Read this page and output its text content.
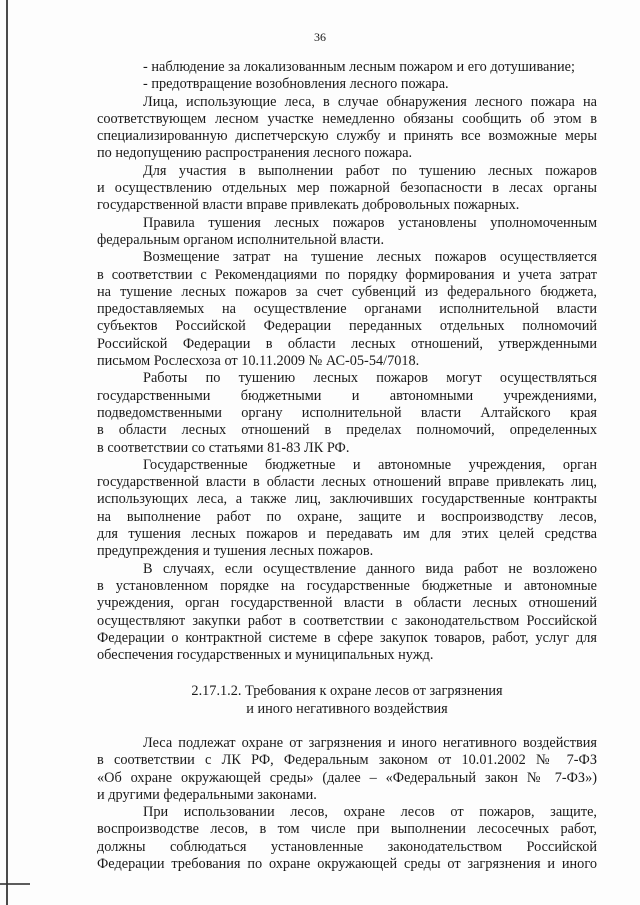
36
- наблюдение за локализованным лесным пожаром и его дотушивание;
- предотвращение возобновления лесного пожара.
Лица, использующие леса, в случае обнаружения лесного пожара на
соответствующем лесном участке немедленно обязаны сообщить об этом в
специализированную диспетчерскую службу и принять все возможные меры
по недопущению распространения лесного пожара.
Для участия в выполнении работ по тушению лесных пожаров
и осуществлению отдельных мер пожарной безопасности в лесах органы
государственной власти вправе привлекать добровольных пожарных.
Правила тушения лесных пожаров установлены уполномоченным
федеральным органом исполнительной власти.
Возмещение затрат на тушение лесных пожаров осуществляется
в соответствии с Рекомендациями по порядку формирования и учета затрат
на тушение лесных пожаров за счет субвенций из федерального бюджета,
предоставляемых на осуществление органами исполнительной власти
субъектов Российской Федерации переданных отдельных полномочий
Российской Федерации в области лесных отношений, утвержденными
письмом Рослесхоза от 10.11.2009 № АС-05-54/7018.
Работы по тушению лесных пожаров могут осуществляться
государственными бюджетными и автономными учреждениями,
подведомственными органу исполнительной власти Алтайского края
в области лесных отношений в пределах полномочий, определенных
в соответствии со статьями 81-83 ЛК РФ.
Государственные бюджетные и автономные учреждения, орган
государственной власти в области лесных отношений вправе привлекать лиц,
использующих леса, а также лиц, заключивших государственные контракты
на выполнение работ по охране, защите и воспроизводству лесов,
для тушения лесных пожаров и передавать им для этих целей средства
предупреждения и тушения лесных пожаров.
В случаях, если осуществление данного вида работ не возложено
в установленном порядке на государственные бюджетные и автономные
учреждения, орган государственной власти в области лесных отношений
осуществляют закупки работ в соответствии с законодательством Российской
Федерации о контрактной системе в сфере закупок товаров, работ, услуг для
обеспечения государственных и муниципальных нужд.
2.17.1.2. Требования к охране лесов от загрязнения
и иного негативного воздействия
Леса подлежат охране от загрязнения и иного негативного воздействия
в соответствии с ЛК РФ, Федеральным законом от 10.01.2002 № 7-ФЗ
«Об охране окружающей среды» (далее – «Федеральный закон № 7-ФЗ»)
и другими федеральными законами.
При использовании лесов, охране лесов от пожаров, защите,
воспроизводстве лесов, в том числе при выполнении лесосечных работ,
должны соблюдаться установленные законодательством Российской
Федерации требования по охране окружающей среды от загрязнения и иного
